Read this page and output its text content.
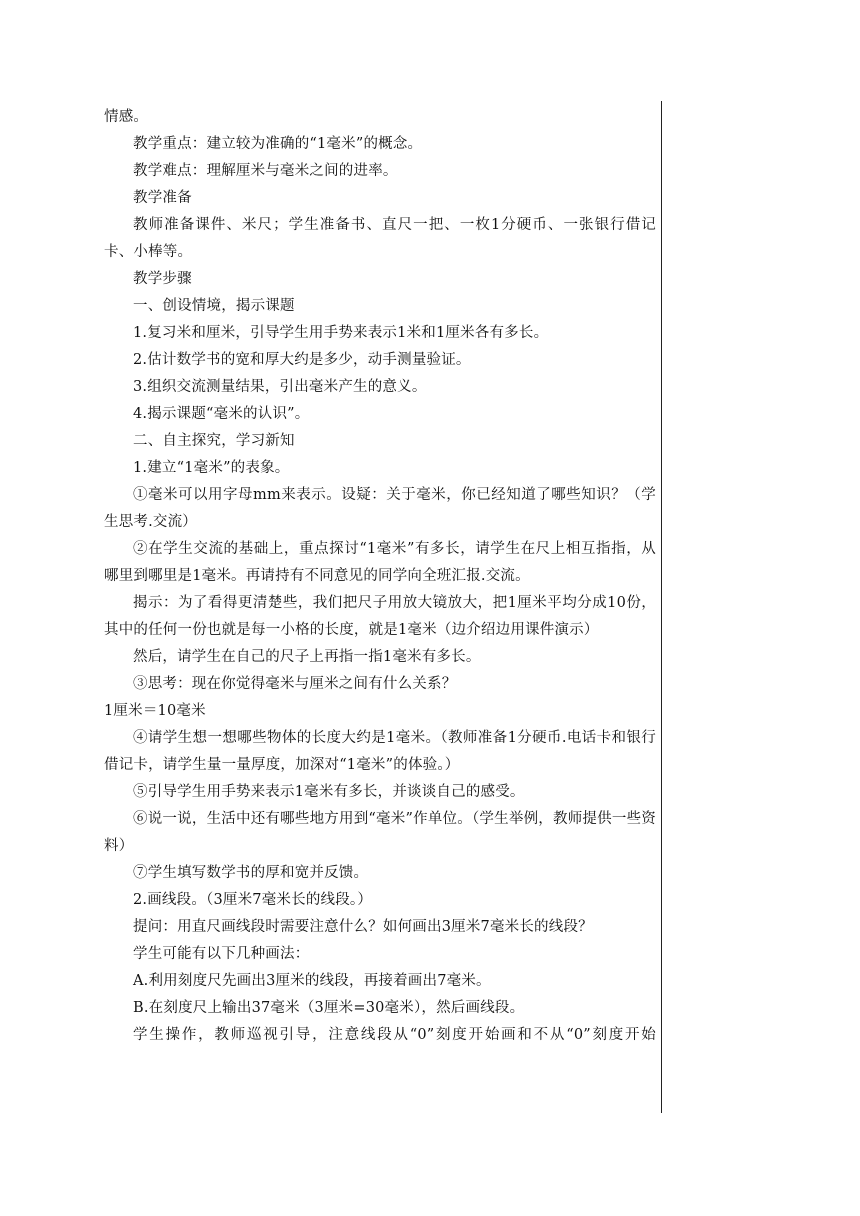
情感。
教学重点：建立较为准确的“1毫米”的概念。
教学难点：理解厘米与毫米之间的进率。
教学准备
教师准备课件、米尺；学生准备书、直尺一把、一枚1分硬币、一张银行借记卡、小棒等。
教学步骤
一、创设情境，揭示课题
1.复习米和厘米，引导学生用手势来表示1米和1厘米各有多长。
2.估计数学书的宽和厚大约是多少，动手测量验证。
3.组织交流测量结果，引出毫米产生的意义。
4.揭示课题“毫米的认识”。
二、自主探究，学习新知
1.建立“1毫米”的表象。
①毫米可以用字母mm来表示。设疑：关于毫米，你已经知道了哪些知识？（学生思考.交流）
②在学生交流的基础上，重点探讨“1毫米”有多长，请学生在尺上相互指指，从哪里到哪里是1毫米。再请持有不同意见的同学向全班汇报.交流。
揭示：为了看得更清楚些，我们把尺子用放大镜放大，把1厘米平均分成10份，其中的任何一份也就是每一小格的长度，就是1毫米（边介绍边用课件演示）
然后，请学生在自己的尺子上再指一指1毫米有多长。
③思考：现在你觉得毫米与厘米之间有什么关系？
1厘米＝10毫米
④请学生想一想哪些物体的长度大约是1毫米。（教师准备1分硬币.电话卡和银行借记卡，请学生量一量厚度，加深对“1毫米”的体验。）
⑤引导学生用手势来表示1毫米有多长，并谈谈自己的感受。
⑥说一说，生活中还有哪些地方用到“毫米”作单位。（学生举例，教师提供一些资料）
⑦学生填写数学书的厚和宽并反馈。
2.画线段。（3厘米7毫米长的线段。）
提问：用直尺画线段时需要注意什么？如何画出3厘米7毫米长的线段？
学生可能有以下几种画法：
A.利用刻度尺先画出3厘米的线段，再接着画出7毫米。
B.在刻度尺上输出37毫米（3厘米=30毫米），然后画线段。
学生操作，教师巡视引导，注意线段从“0”刻度开始画和不从“0”刻度开始
